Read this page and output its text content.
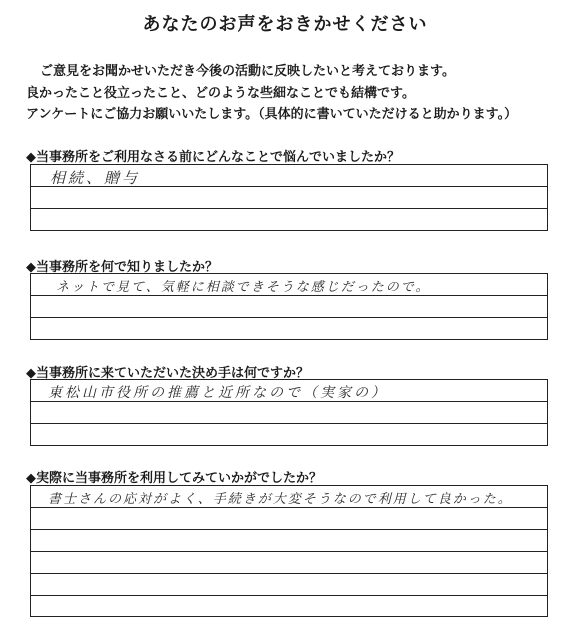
あなたのお声をおきかせください
ご意見をお聞かせいただき今後の活動に反映したいと考えております。
良かったこと役立ったこと、どのような些細なことでも結構です。
アンケートにご協力お願いいたします。（具体的に書いていただけると助かります。）
◆当事務所をご利用なさる前にどんなことで悩んでいましたか？
相続、贈与
◆当事務所を何で知りましたか？
ネットで見て、気軽に相談できそうな感じだったので。
◆当事務所に来ていただいた決め手は何ですか？
東松山市役所の推薦と近所なので（実家の）
◆実際に当事務所を利用してみていかがでしたか？
書士さんの応対がよく、手続きが大変そうなので利用して良かった。
